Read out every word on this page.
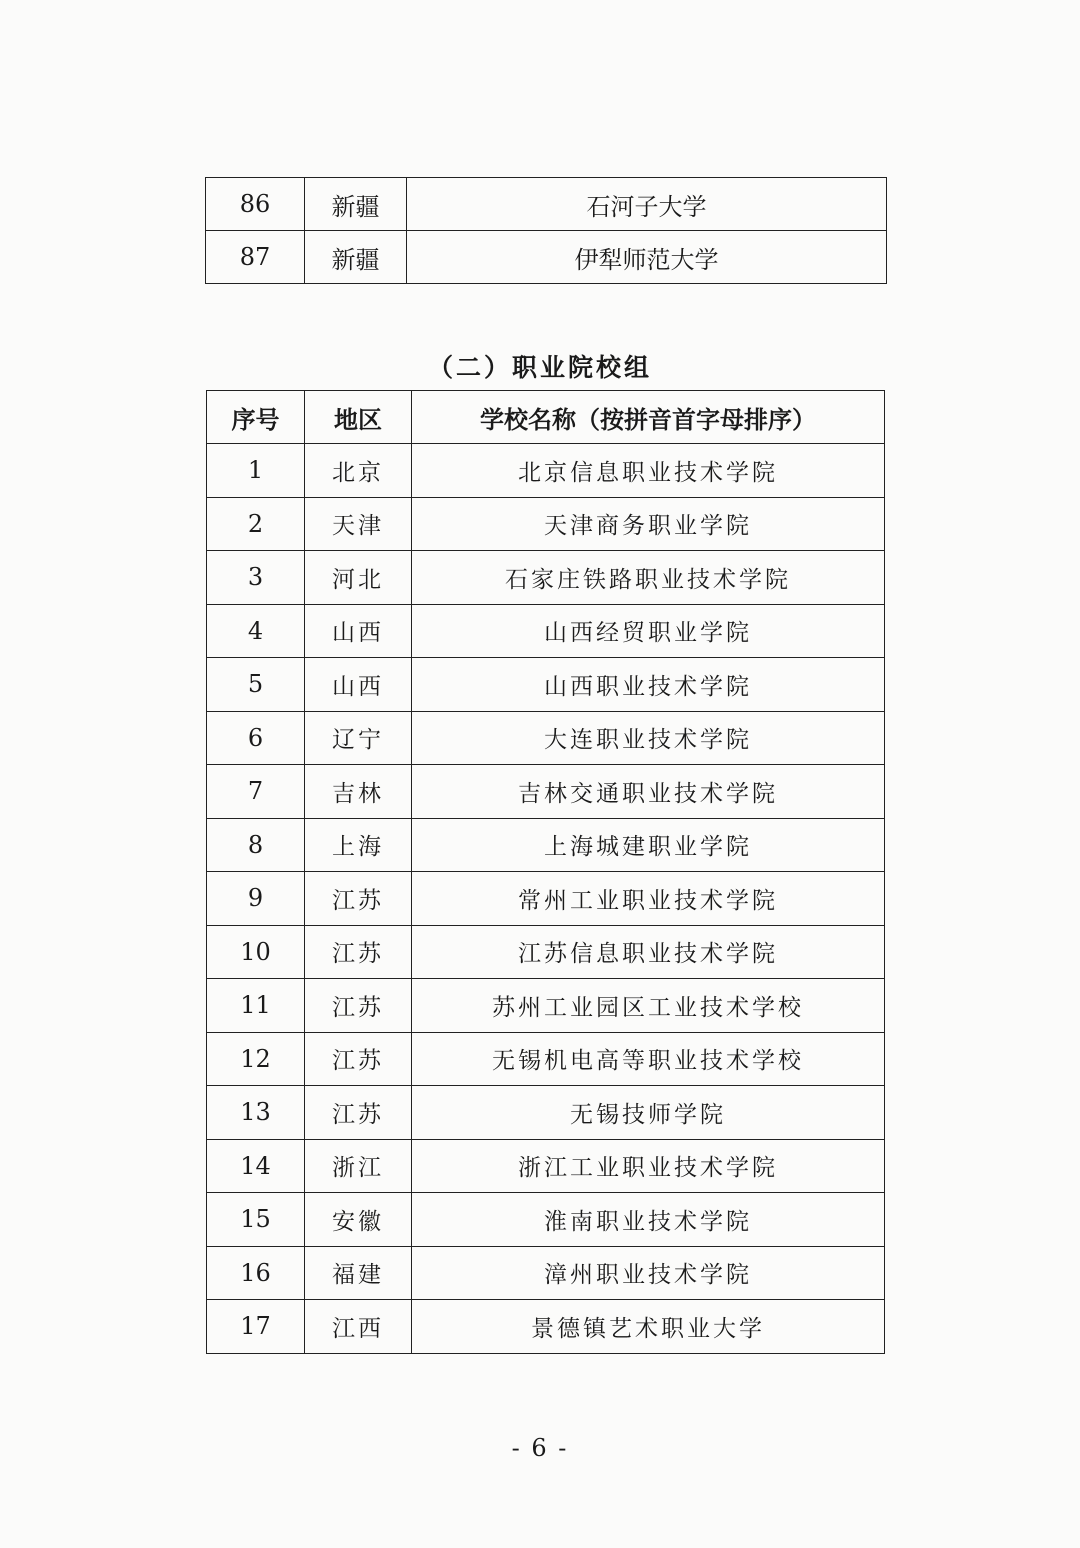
86	新疆	石河子大学
87	新疆	伊犁师范大学
（二）职业院校组
序号	地区	学校名称（按拼音首字母排序）
1	北京	北京信息职业技术学院
2	天津	天津商务职业学院
3	河北	石家庄铁路职业技术学院
4	山西	山西经贸职业学院
5	山西	山西职业技术学院
6	辽宁	大连职业技术学院
7	吉林	吉林交通职业技术学院
8	上海	上海城建职业学院
9	江苏	常州工业职业技术学院
10	江苏	江苏信息职业技术学院
11	江苏	苏州工业园区工业技术学校
12	江苏	无锡机电高等职业技术学校
13	江苏	无锡技师学院
14	浙江	浙江工业职业技术学院
15	安徽	淮南职业技术学院
16	福建	漳州职业技术学院
17	江西	景德镇艺术职业大学
- 6 -
